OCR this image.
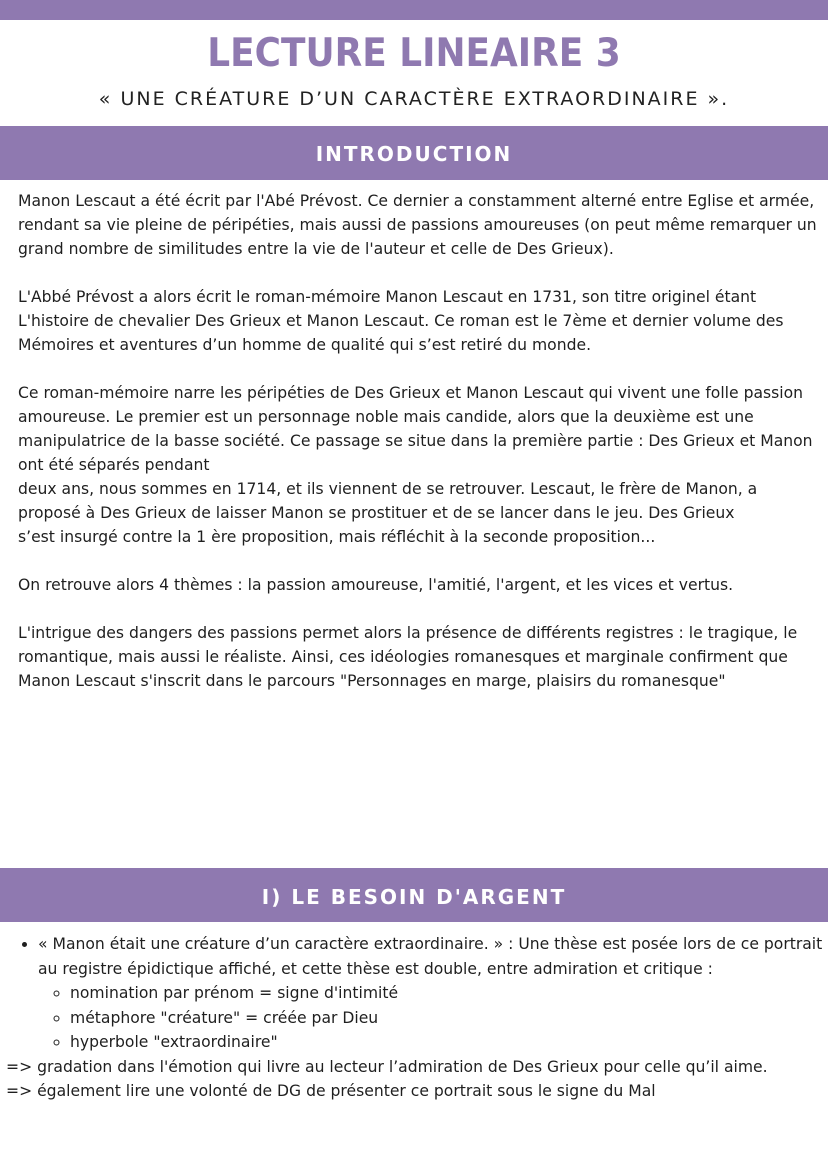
LECTURE LINEAIRE 3
« UNE CRÉATURE D’UN CARACTÈRE EXTRAORDINAIRE ».
INTRODUCTION

Manon Lescaut a été écrit par l'Abé Prévost. Ce dernier a constamment alterné entre Eglise et armée, rendant sa vie pleine de péripéties, mais aussi de passions amoureuses (on peut même remarquer un grand nombre de similitudes entre la vie de l'auteur et celle de Des Grieux).

L'Abbé Prévost a alors écrit le roman-mémoire Manon Lescaut en 1731, son titre originel étant L'histoire de chevalier Des Grieux et Manon Lescaut. Ce roman est le 7ème et dernier volume des Mémoires et aventures d’un homme de qualité qui s’est retiré du monde.

Ce roman-mémoire narre les péripéties de Des Grieux et Manon Lescaut qui vivent une folle passion amoureuse. Le premier est un personnage noble mais candide, alors que la deuxième est une manipulatrice de la basse société. Ce passage se situe dans la première partie : Des Grieux et Manon ont été séparés pendant
deux ans, nous sommes en 1714, et ils viennent de se retrouver. Lescaut, le frère de Manon, a
proposé à Des Grieux de laisser Manon se prostituer et de se lancer dans le jeu. Des Grieux
s’est insurgé contre la 1 ère proposition, mais réfléchit à la seconde proposition...

On retrouve alors 4 thèmes : la passion amoureuse, l'amitié, l'argent, et les vices et vertus.

L'intrigue des dangers des passions permet alors la présence de différents registres : le tragique, le romantique, mais aussi le réaliste. Ainsi, ces idéologies romanesques et marginale confirment que Manon Lescaut s'inscrit dans le parcours "Personnages en marge, plaisirs du romanesque"

I) LE BESOIN D'ARGENT
• « Manon était une créature d’un caractère extraordinaire. » : Une thèse est posée lors de ce portrait au registre épidictique affiché, et cette thèse est double, entre admiration et critique :
◦ nomination par prénom = signe d'intimité
◦ métaphore "créature" = créée par Dieu
◦ hyperbole "extraordinaire"

=> gradation dans l'émotion qui livre au lecteur l’admiration de Des Grieux pour celle qu’il aime.

=> également lire une volonté de DG de présenter ce portrait sous le signe du Mal
